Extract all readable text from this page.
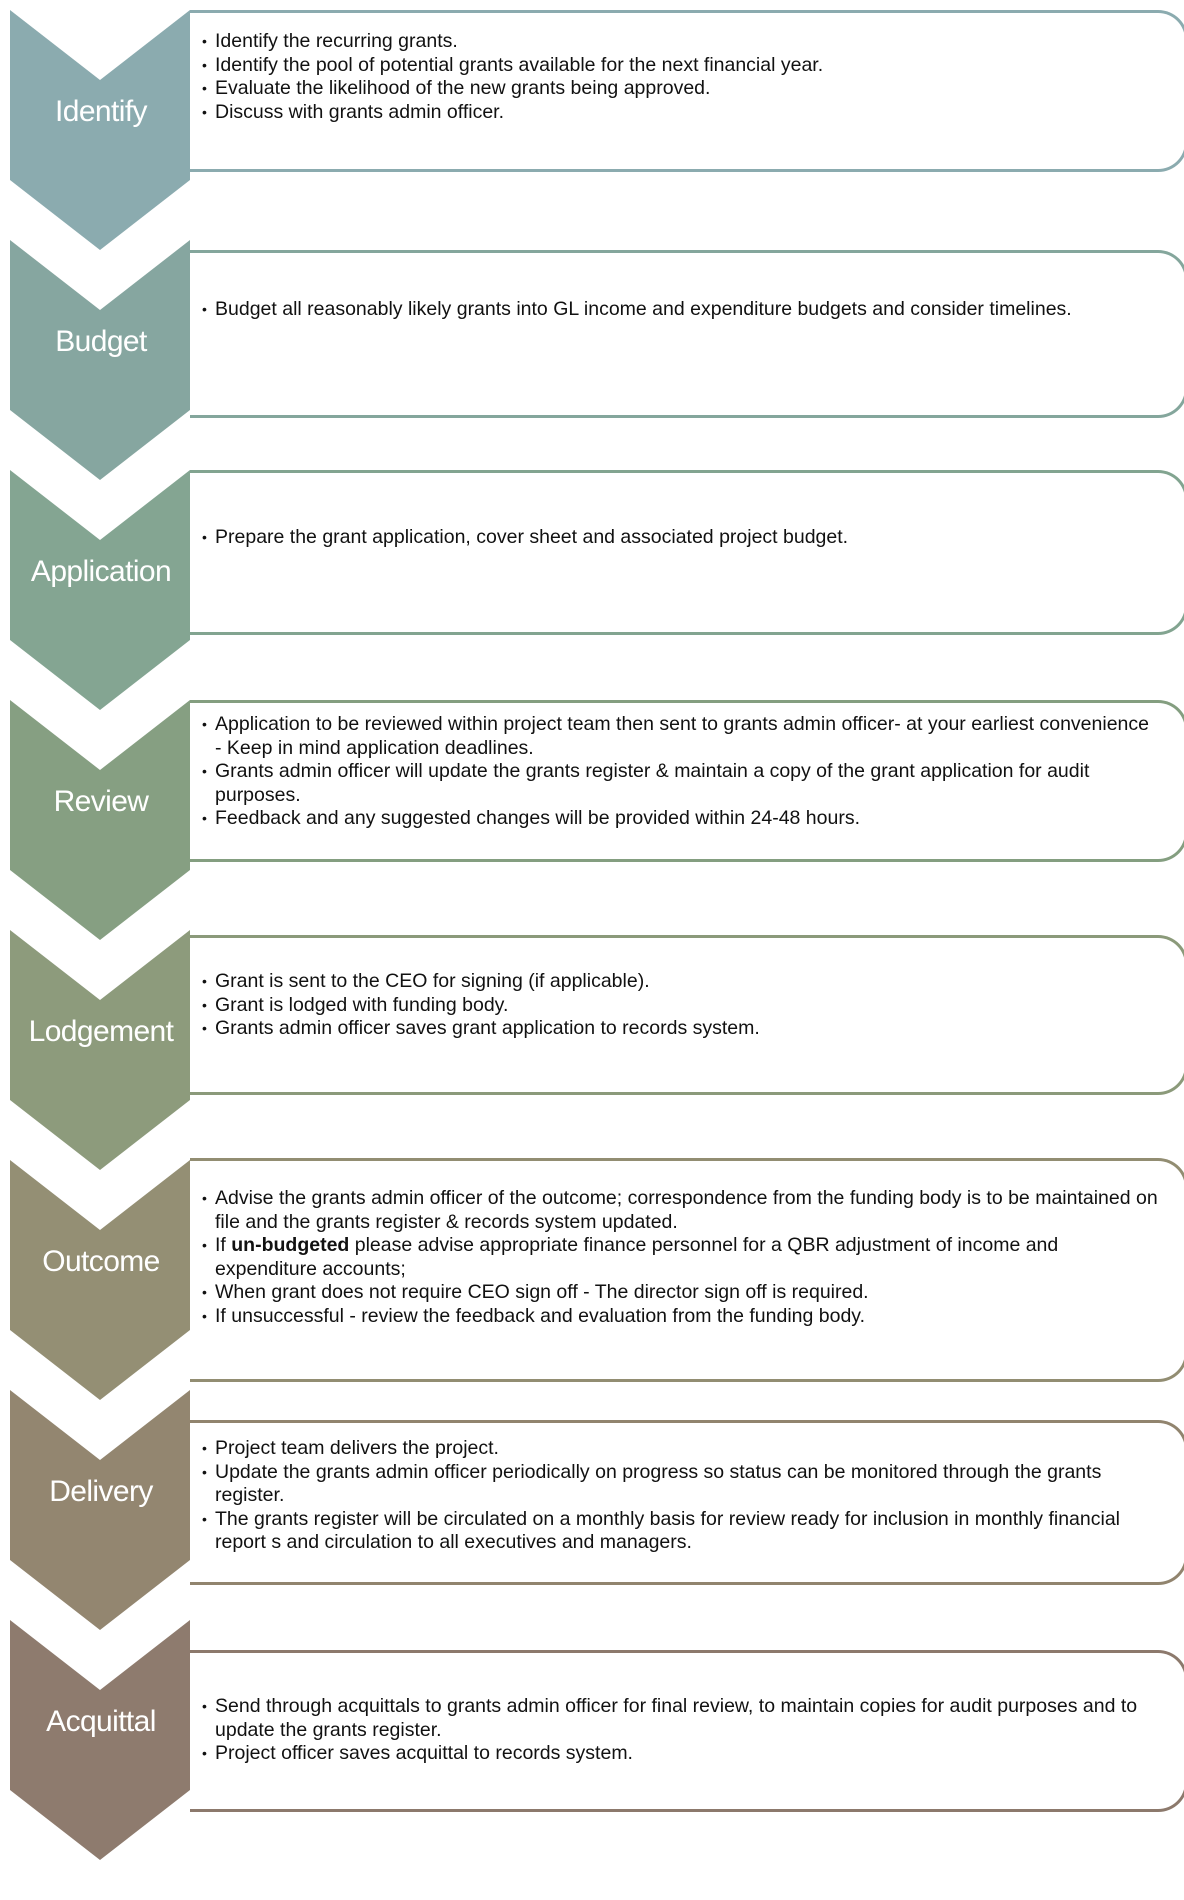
Identify
• Identify the recurring grants.
• Identify the pool of potential grants available for the next financial year.
• Evaluate the likelihood of the new grants being approved.
• Discuss with grants admin officer.
Budget
• Budget all reasonably likely grants into GL income and expenditure budgets and consider timelines.
Application
• Prepare the grant application, cover sheet and associated project budget.
Review
• Application to be reviewed within project team then sent to grants admin officer- at your earliest convenience - Keep in mind application deadlines.
• Grants admin officer will update the grants register & maintain a copy of the grant application for audit purposes.
• Feedback and any suggested changes will be provided within 24-48 hours.
Lodgement
• Grant is sent to the CEO for signing (if applicable).
• Grant is lodged with funding body.
• Grants admin officer saves grant application to records system.
Outcome
• Advise the grants admin officer of the outcome; correspondence from the funding body is to be maintained on file and the grants register & records system updated.
• If un-budgeted please advise appropriate finance personnel for a QBR adjustment of income and expenditure accounts;
• When grant does not require CEO sign off - The director sign off is required.
• If unsuccessful - review the feedback and evaluation from the funding body.
Delivery
• Project team delivers the project.
• Update the grants admin officer periodically on progress so status can be monitored through the grants register.
• The grants register will be circulated on a monthly basis for review ready for inclusion in monthly financial report s and circulation to all executives and managers.
Acquittal	• Send through acquittals to grants admin officer for final review, to maintain copies for audit purposes and to update the grants register.
• Project officer saves acquittal to records system.
